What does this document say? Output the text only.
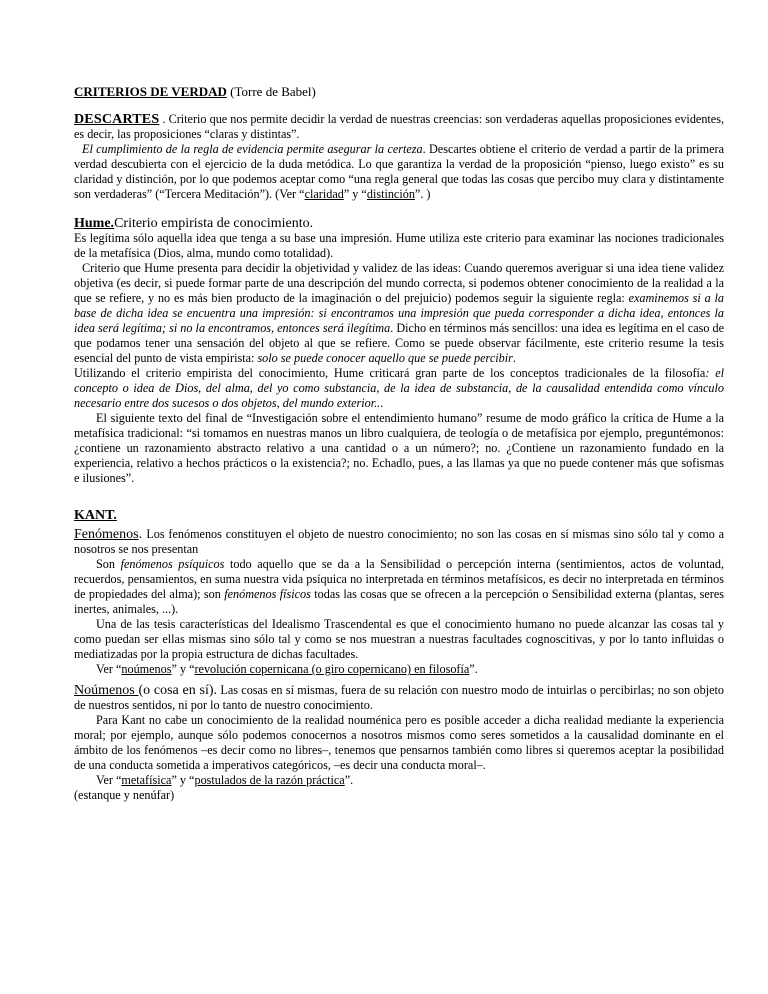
CRITERIOS DE VERDAD (Torre de Babel)

DESCARTES . Criterio que nos permite decidir la verdad de nuestras creencias: son verdaderas aquellas proposiciones evidentes, es decir, las proposiciones “claras y distintas”.

El cumplimiento de la regla de evidencia permite asegurar la certeza. Descartes obtiene el criterio de verdad a partir de la primera verdad descubierta con el ejercicio de la duda metódica. Lo que garantiza la verdad de la proposición “pienso, luego existo” es su claridad y distinción, por lo que podemos aceptar como “una regla general que todas las cosas que percibo muy clara y distintamente son verdaderas” (“Tercera Meditación”). (Ver “claridad” y “distinción”. )

Hume.Criterio empirista de conocimiento.

Es legítima sólo aquella idea que tenga a su base una impresión. Hume utiliza este criterio para examinar las nociones tradicionales de la metafísica (Dios, alma, mundo como totalidad).

Criterio que Hume presenta para decidir la objetividad y validez de las ideas: Cuando queremos averiguar si una idea tiene validez objetiva (es decir, si puede formar parte de una descripción del mundo correcta, si podemos obtener conocimiento de la realidad a la que se refiere, y no es más bien producto de la imaginación o del prejuicio) podemos seguir la siguiente regla: examinemos si a la base de dicha idea se encuentra una impresión: si encontramos una impresión que pueda corresponder a dicha idea, entonces la idea será legítima; si no la encontramos, entonces será ilegítima. Dicho en términos más sencillos: una idea es legítima en el caso de que podamos tener una sensación del objeto al que se refiere. Como se puede observar fácilmente, este criterio resume la tesis esencial del punto de vista empirista: solo se puede conocer aquello que se puede percibir.

Utilizando el criterio empirista del conocimiento, Hume criticará gran parte de los conceptos tradicionales de la filosofía: el concepto o idea de Dios, del alma, del yo como substancia, de la idea de substancia, de la causalidad entendida como vínculo necesario entre dos sucesos o dos objetos, del mundo exterior...

El siguiente texto del final de “Investigación sobre el entendimiento humano” resume de modo gráfico la crítica de Hume a la metafísica tradicional: “si tomamos en nuestras manos un libro cualquiera, de teología o de metafísica por ejemplo, preguntémonos: ¿contiene un razonamiento abstracto relativo a una cantidad o a un número?; no. ¿Contiene un razonamiento fundado en la experiencia, relativo a hechos prácticos o la existencia?; no. Echadlo, pues, a las llamas ya que no puede contener más que sofismas e ilusiones”.

KANT.

Fenómenos. Los fenómenos constituyen el objeto de nuestro conocimiento; no son las cosas en sí mismas sino sólo tal y como a nosotros se nos presentan

Son fenómenos psíquicos todo aquello que se da a la Sensibilidad o percepción interna (sentimientos, actos de voluntad, recuerdos, pensamientos, en suma nuestra vida psíquica no interpretada en términos metafísicos, es decir no interpretada en términos de propiedades del alma); son fenómenos físicos todas las cosas que se ofrecen a la percepción o Sensibilidad externa (plantas, seres inertes, animales, ...).

Una de las tesis características del Idealismo Trascendental es que el conocimiento humano no puede alcanzar las cosas tal y como puedan ser ellas mismas sino sólo tal y como se nos muestran a nuestras facultades cognoscitivas, y por lo tanto influidas o mediatizadas por la propia estructura de dichas facultades.

Ver “noúmenos” y “revolución copernicana (o giro copernicano) en filosofía”.

Noúmenos (o cosa en sí). Las cosas en sí mismas, fuera de su relación con nuestro modo de intuirlas o percibirlas; no son objeto de nuestros sentidos, ni por lo tanto de nuestro conocimiento.

Para Kant no cabe un conocimiento de la realidad nouménica pero es posible acceder a dicha realidad mediante la experiencia moral; por ejemplo, aunque sólo podemos conocernos a nosotros mismos como seres sometidos a la causalidad dominante en el ámbito de los fenómenos –es decir como no libres–, tenemos que pensarnos también como libres si queremos aceptar la posibilidad de una conducta sometida a imperativos categóricos, –es decir una conducta moral–.

Ver “metafísica” y “postulados de la razón práctica”.

(estanque y nenúfar)
